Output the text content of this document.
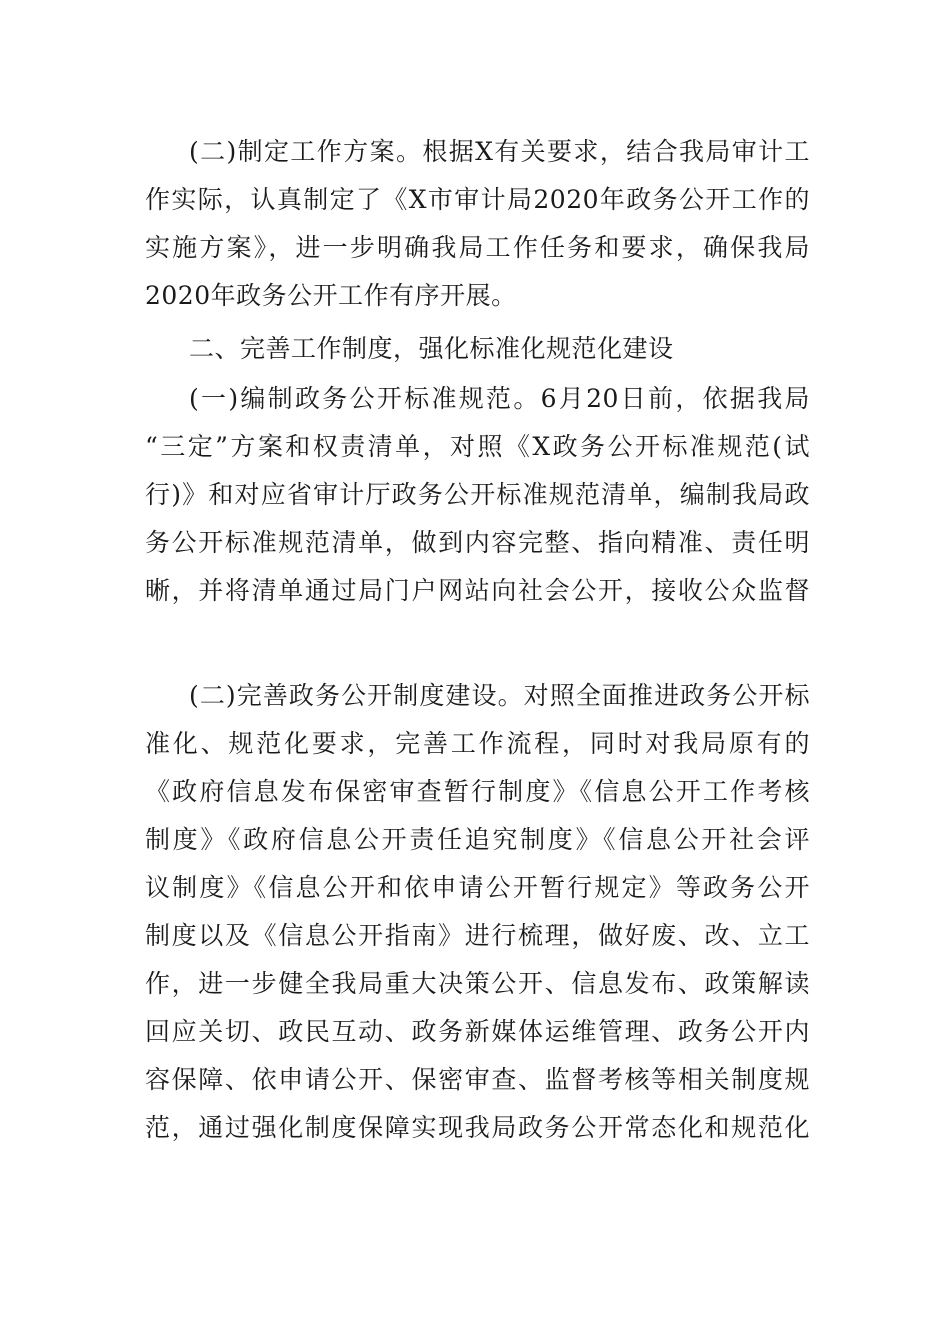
(二)制定工作方案。根据X有关要求，结合我局审计工
作实际，认真制定了《X市审计局2020年政务公开工作的
实施方案》，进一步明确我局工作任务和要求，确保我局
2020年政务公开工作有序开展。
二、完善工作制度，强化标准化规范化建设
(一)编制政务公开标准规范。6月20日前，依据我局
“三定”方案和权责清单，对照《X政务公开标准规范(试
行)》和对应省审计厅政务公开标准规范清单，编制我局政
务公开标准规范清单，做到内容完整、指向精准、责任明
晰，并将清单通过局门户网站向社会公开，接收公众监督
(二)完善政务公开制度建设。对照全面推进政务公开标
准化、规范化要求，完善工作流程，同时对我局原有的
《政府信息发布保密审查暂行制度》《信息公开工作考核
制度》《政府信息公开责任追究制度》《信息公开社会评
议制度》《信息公开和依申请公开暂行规定》等政务公开
制度以及《信息公开指南》进行梳理，做好废、改、立工
作，进一步健全我局重大决策公开、信息发布、政策解读
回应关切、政民互动、政务新媒体运维管理、政务公开内
容保障、依申请公开、保密审查、监督考核等相关制度规
范，通过强化制度保障实现我局政务公开常态化和规范化
